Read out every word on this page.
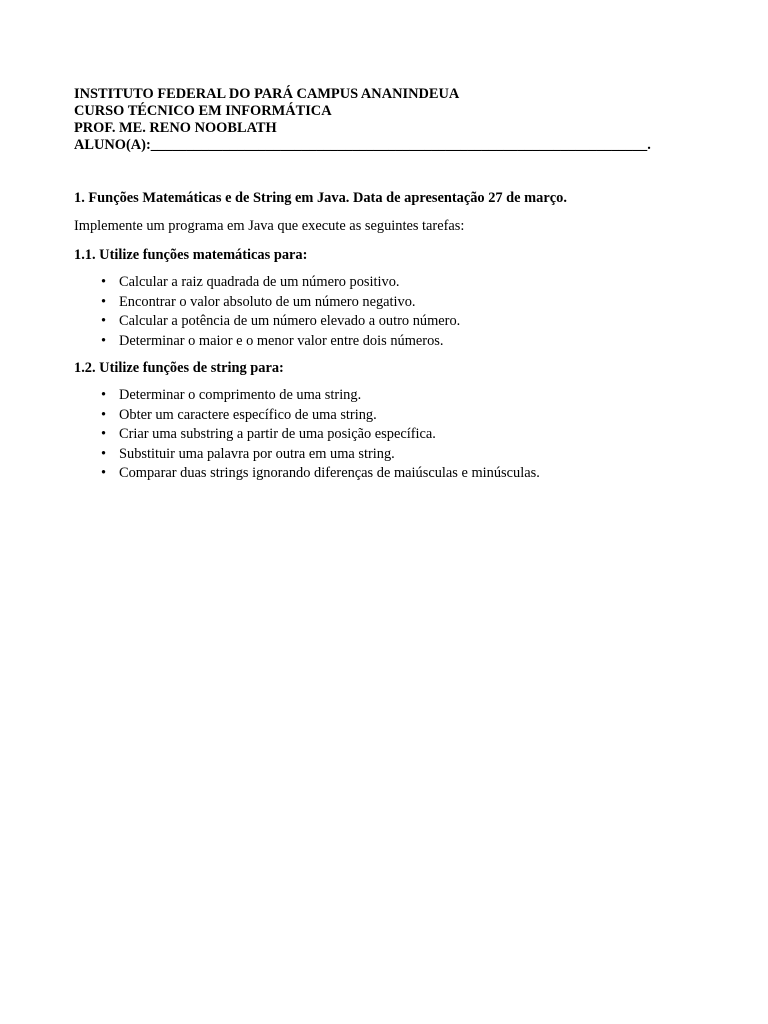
INSTITUTO FEDERAL DO PARÁ CAMPUS ANANINDEUA
CURSO TÉCNICO EM INFORMÁTICA
PROF. ME. RENO NOOBLATH
ALUNO(A):_____________________________________________________________________.
1. Funções Matemáticas e de String em Java. Data de apresentação 27 de março.
Implemente um programa em Java que execute as seguintes tarefas:
1.1. Utilize funções matemáticas para:
• Calcular a raiz quadrada de um número positivo.
• Encontrar o valor absoluto de um número negativo.
• Calcular a potência de um número elevado a outro número.
• Determinar o maior e o menor valor entre dois números.
1.2. Utilize funções de string para:
• Determinar o comprimento de uma string.
• Obter um caractere específico de uma string.
• Criar uma substring a partir de uma posição específica.
• Substituir uma palavra por outra em uma string.
• Comparar duas strings ignorando diferenças de maiúsculas e minúsculas.
